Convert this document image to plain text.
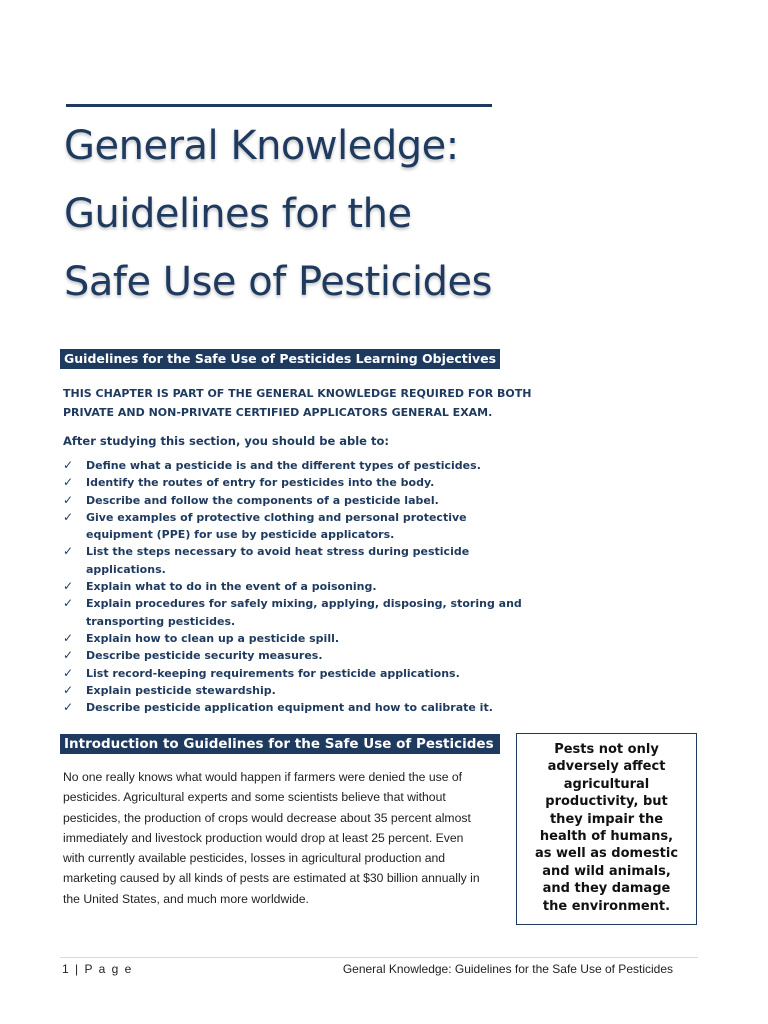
General Knowledge:
Guidelines for the
Safe Use of Pesticides
Guidelines for the Safe Use of Pesticides Learning Objectives
THIS CHAPTER IS PART OF THE GENERAL KNOWLEDGE REQUIRED FOR BOTH
PRIVATE AND NON-PRIVATE CERTIFIED APPLICATORS GENERAL EXAM.
After studying this section, you should be able to:
✓ Define what a pesticide is and the different types of pesticides.
✓ Identify the routes of entry for pesticides into the body.
✓ Describe and follow the components of a pesticide label.
✓ Give examples of protective clothing and personal protective
equipment (PPE) for use by pesticide applicators.
✓ List the steps necessary to avoid heat stress during pesticide
applications.
✓ Explain what to do in the event of a poisoning.
✓ Explain procedures for safely mixing, applying, disposing, storing and
transporting pesticides.
✓ Explain how to clean up a pesticide spill.
✓ Describe pesticide security measures.
✓ List record-keeping requirements for pesticide applications.
✓ Explain pesticide stewardship.
✓ Describe pesticide application equipment and how to calibrate it.
Introduction to Guidelines for the Safe Use of Pesticides
No one really knows what would happen if farmers were denied the use of
pesticides. Agricultural experts and some scientists believe that without
pesticides, the production of crops would decrease about 35 percent almost
immediately and livestock production would drop at least 25 percent. Even
with currently available pesticides, losses in agricultural production and
marketing caused by all kinds of pests are estimated at $30 billion annually in
the United States, and much more worldwide.
Pests not only
adversely affect
agricultural
productivity, but
they impair the
health of humans,
as well as domestic
and wild animals,
and they damage
the environment.
1 | P a g e	General Knowledge: Guidelines for the Safe Use of Pesticides
